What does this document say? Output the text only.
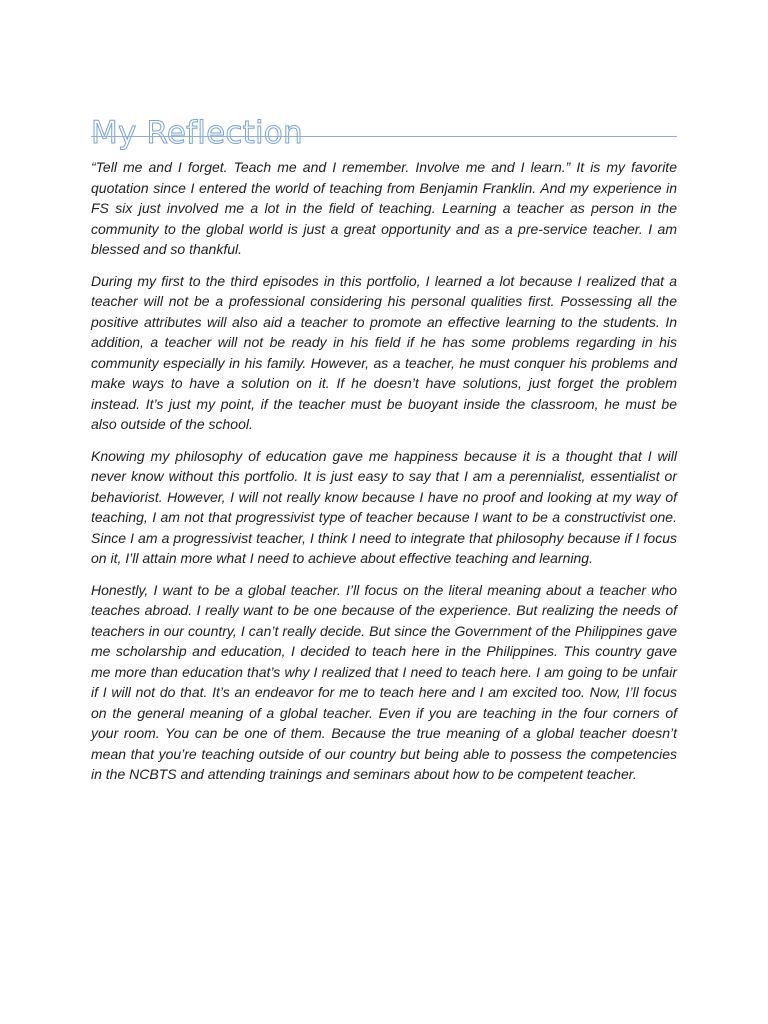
My Reflection

“Tell me and I forget. Teach me and I remember. Involve me and I learn.” It is my favorite quotation since I entered the world of teaching from Benjamin Franklin. And my experience in FS six just involved me a lot in the field of teaching. Learning a teacher as person in the community to the global world is just a great opportunity and as a pre-service teacher. I am blessed and so thankful.

During my first to the third episodes in this portfolio, I learned a lot because I realized that a teacher will not be a professional considering his personal qualities first. Possessing all the positive attributes will also aid a teacher to promote an effective learning to the students. In addition, a teacher will not be ready in his field if he has some problems regarding in his community especially in his family. However, as a teacher, he must conquer his problems and make ways to have a solution on it. If he doesn’t have solutions, just forget the problem instead. It’s just my point, if the teacher must be buoyant inside the classroom, he must be also outside of the school.

Knowing my philosophy of education gave me happiness because it is a thought that I will never know without this portfolio. It is just easy to say that I am a perennialist, essentialist or behaviorist. However, I will not really know because I have no proof and looking at my way of teaching, I am not that progressivist type of teacher because I want to be a constructivist one. Since I am a progressivist teacher, I think I need to integrate that philosophy because if I focus on it, I’ll attain more what I need to achieve about effective teaching and learning.

Honestly, I want to be a global teacher. I’ll focus on the literal meaning about a teacher who teaches abroad. I really want to be one because of the experience. But realizing the needs of teachers in our country, I can’t really decide. But since the Government of the Philippines gave me scholarship and education, I decided to teach here in the Philippines. This country gave me more than education that’s why I realized that I need to teach here. I am going to be unfair if I will not do that. It’s an endeavor for me to teach here and I am excited too. Now, I’ll focus on the general meaning of a global teacher. Even if you are teaching in the four corners of your room. You can be one of them. Because the true meaning of a global teacher doesn’t mean that you’re teaching outside of our country but being able to possess the competencies in the NCBTS and attending trainings and seminars about how to be competent teacher.
